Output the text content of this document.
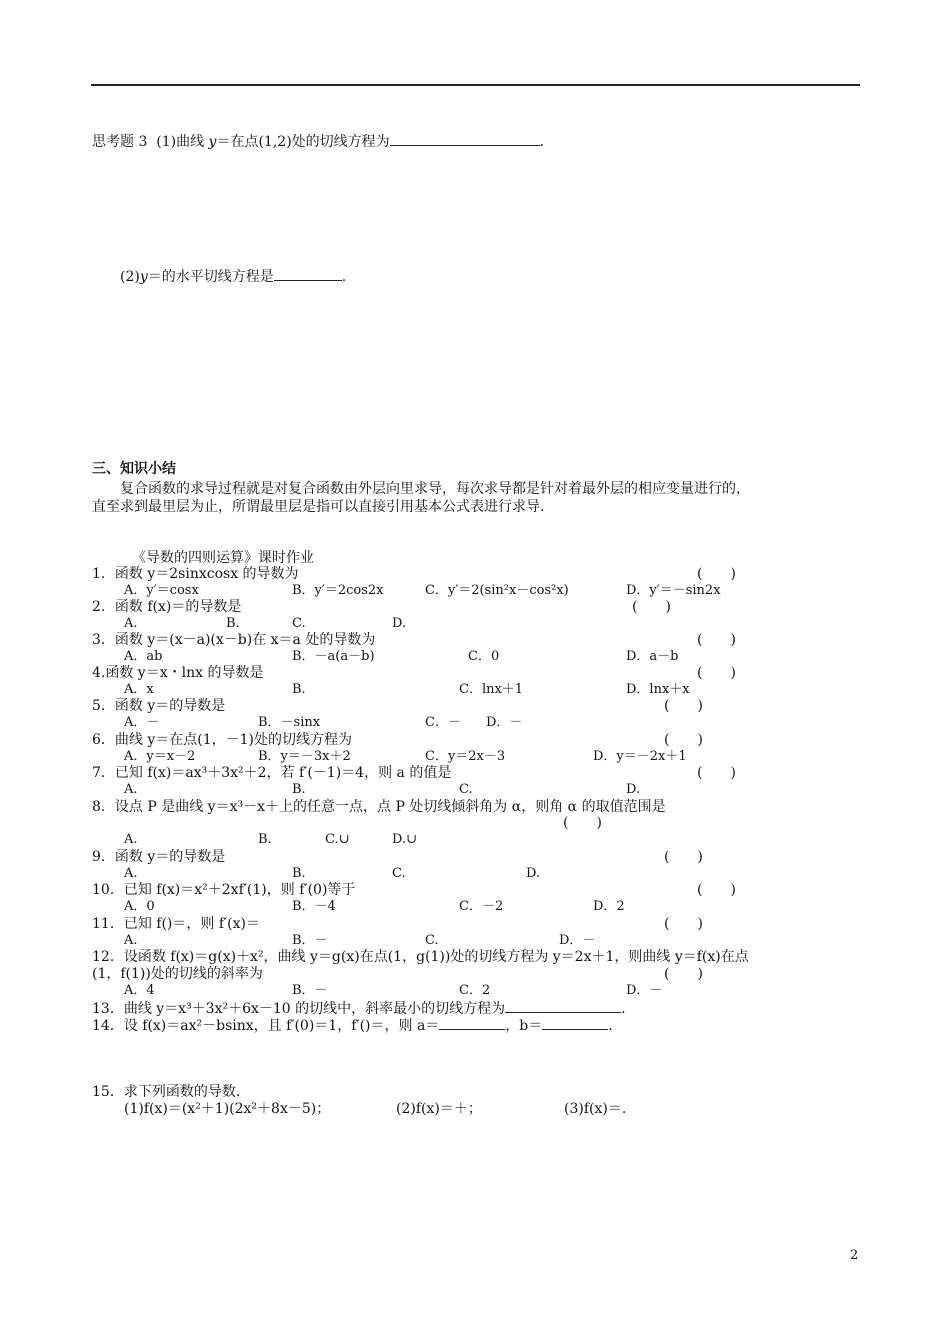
思考题 3 (1)曲线 y＝在点(1,2)处的切线方程为	.
(2)y＝的水平切线方程是	.
三、知识小结
复合函数的求导过程就是对复合函数由外层向里求导，每次求导都是针对着最外层的相应变量进行的，
直至求到最里层为止，所谓最里层是指可以直接引用基本公式表进行求导.
《导数的四则运算》课时作业
1．函数 y＝2sinxcosx 的导数为	(　　)
A．y′＝cosx	B．y′＝2cos2x	C．y′＝2(sin²x－cos²x)	D．y′＝－sin2x
2．函数 f(x)＝的导数是	(　　)
A.	B.	C.	D.
3．函数 y＝(x－a)(x－b)在 x＝a 处的导数为	(　　)
A．ab	B．－a(a－b)	C．0	D．a－b
4.函数 y＝x・lnx 的导数是	(　　)
A．x	B.	C．lnx＋1	D．lnx＋x
5．函数 y＝的导数是	(　　)
A．－	B．－sinx	C．－ D．－
6．曲线 y＝在点(1，－1)处的切线方程为	(　　)
A．y＝x－2	B．y＝－3x＋2	C．y＝2x－3	D．y＝－2x＋1
7．已知 f(x)＝ax³＋3x²＋2，若 f′(－1)＝4，则 a 的值是	(　　)
A.	B.	C.	D.
8．设点 P 是曲线 y＝x³－x＋上的任意一点，点 P 处切线倾斜角为 α，则角 α 的取值范围是
(　　)
A.	B.	C.∪	D.∪
9．函数 y＝的导数是	(　　)
A.	B.	C.	D.
10．已知 f(x)＝x²＋2xf′(1)，则 f′(0)等于	(　　)
A．0	B．－4	C．－2	D．2
11．已知 f()＝，则 f′(x)＝	(　　)
A.	B．－	C.	D．－
12．设函数 f(x)＝g(x)＋x²，曲线 y＝g(x)在点(1，g(1))处的切线方程为 y＝2x＋1，则曲线 y＝f(x)在点
(1，f(1))处的切线的斜率为	(　　)
A．4	B．－	C．2	D．－
13．曲线 y＝x³＋3x²＋6x－10 的切线中，斜率最小的切线方程为	.
14．设 f(x)＝ax²－bsinx，且 f′(0)＝1，f′()＝，则 a＝	，b＝	.
15．求下列函数的导数.
(1)f(x)＝(x²＋1)(2x²＋8x－5)；	(2)f(x)＝＋；	(3)f(x)＝.
2
